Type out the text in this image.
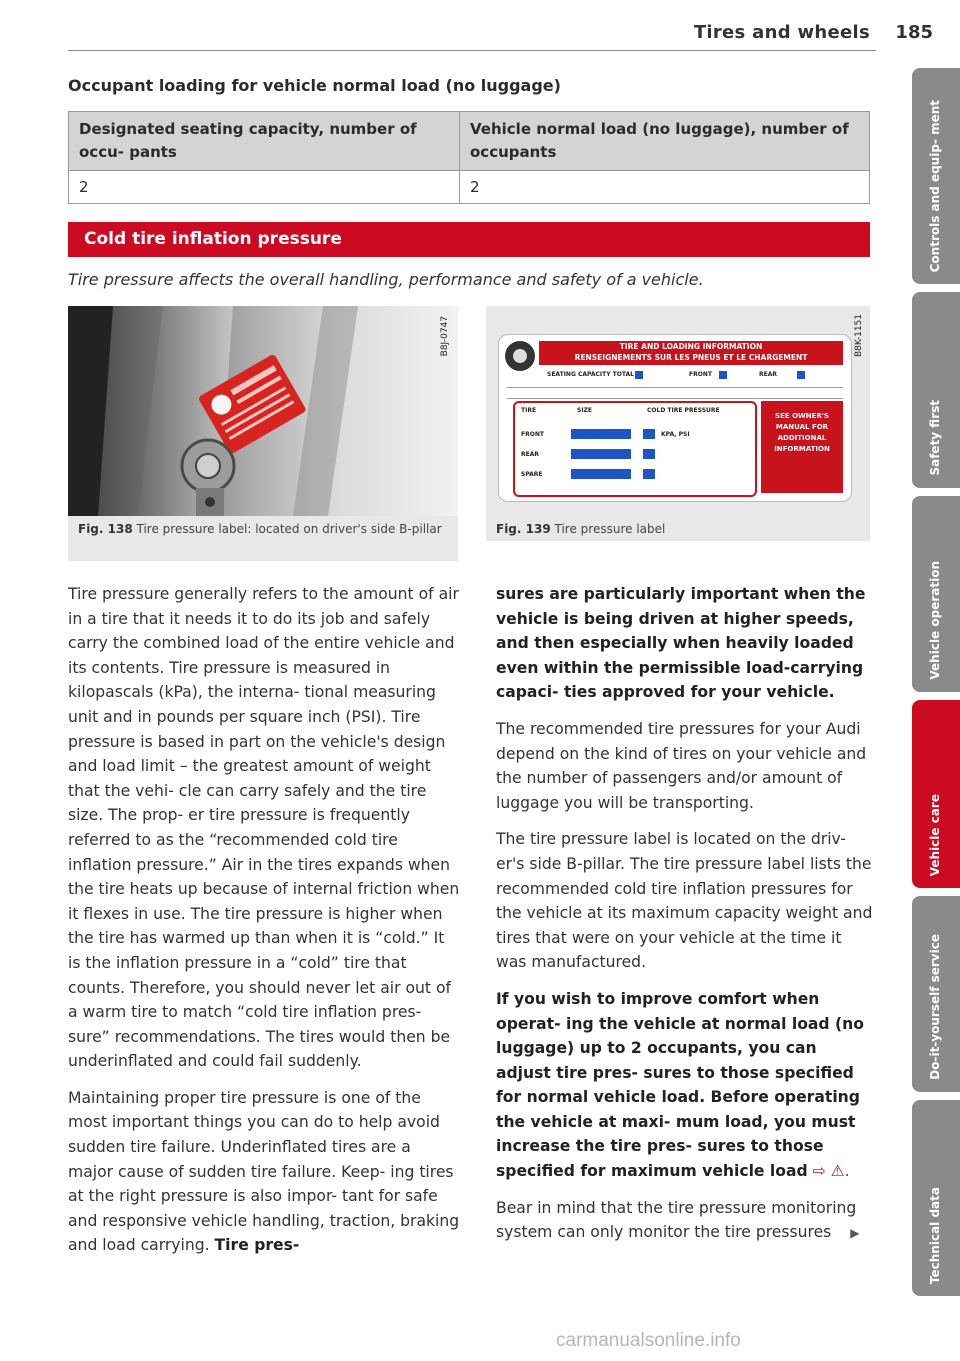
Tires and wheels 185
Occupant loading for vehicle normal load (no luggage)
Designated seating capacity, number of occu- pants	Vehicle normal load (no luggage), number of occupants
2	2
Cold tire inflation pressure
Tire pressure affects the overall handling, performance and safety of a vehicle.
B8J-0747
Fig. 138 Tire pressure label: located on driver's side B-pillar
TIRE AND LOADING INFORMATION
RENSEIGNEMENTS SUR LES PNEUS ET LE CHARGEMENT
SEATING CAPACITY TOTAL	FRONT	REAR
TIRE	SIZE	COLD TIRE PRESSURE
FRONT
REAR
SPARE
KPA, PSI
SEE OWNER'S MANUAL FOR ADDITIONAL INFORMATION
B8K-1151
Fig. 139 Tire pressure label

Tire pressure generally refers to the amount of air in a tire that it needs it to do its job and safely carry the combined load of the entire vehicle and its contents. Tire pressure is measured in kilopascals (kPa), the interna- tional measuring unit and in pounds per square inch (PSI). Tire pressure is based in part on the vehicle's design and load limit – the greatest amount of weight that the vehi- cle can carry safely and the tire size. The prop- er tire pressure is frequently referred to as the “recommended cold tire inflation pressure.” Air in the tires expands when the tire heats up because of internal friction when it flexes in use. The tire pressure is higher when the tire has warmed up than when it is “cold.” It is the inflation pressure in a “cold” tire that counts. Therefore, you should never let air out of a warm tire to match “cold tire inflation pres- sure” recommendations. The tires would then be underinflated and could fail suddenly.

Maintaining proper tire pressure is one of the most important things you can do to help avoid sudden tire failure. Underinflated tires are a major cause of sudden tire failure. Keep- ing tires at the right pressure is also impor- tant for safe and responsive vehicle handling, traction, braking and load carrying. Tire pres-

sures are particularly important when the vehicle is being driven at higher speeds, and then especially when heavily loaded even within the permissible load-carrying capaci- ties approved for your vehicle.

The recommended tire pressures for your Audi depend on the kind of tires on your vehicle and the number of passengers and/or amount of luggage you will be transporting.

The tire pressure label is located on the driv- er's side B-pillar. The tire pressure label lists the recommended cold tire inflation pressures for the vehicle at its maximum capacity weight and tires that were on your vehicle at the time it was manufactured.

If you wish to improve comfort when operat- ing the vehicle at normal load (no luggage) up to 2 occupants, you can adjust tire pres- sures to those specified for normal vehicle load. Before operating the vehicle at maxi- mum load, you must increase the tire pres- sures to those specified for maximum vehicle load ⇨ ⚠.

Bear in mind that the tire pressure monitoring system can only monitor the tire pressures ▶

Controls and equip- ment
Safety first
Vehicle operation
Vehicle care
Do-it-yourself service
Technical data
carmanualsonline.info
